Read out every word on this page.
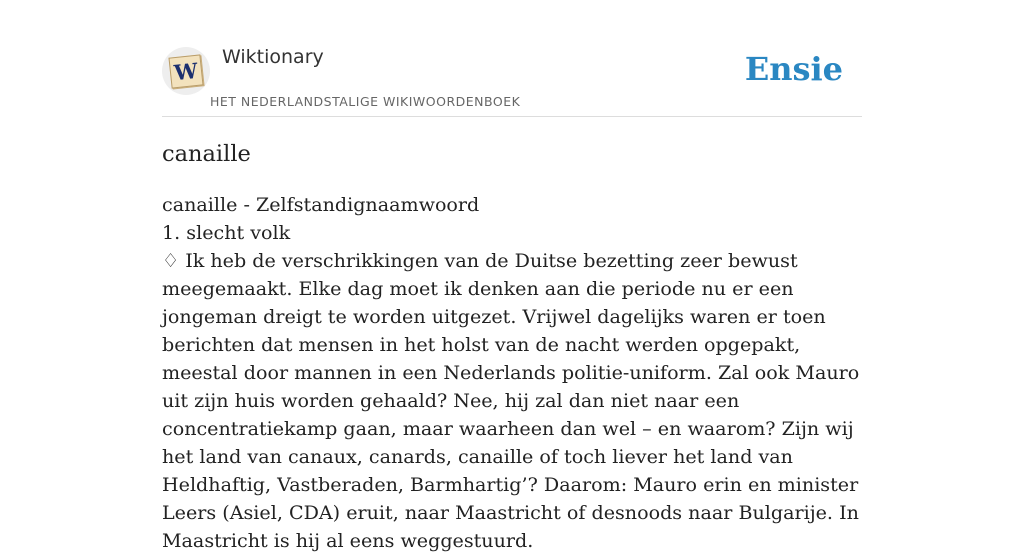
W
Wiktionary
HET NEDERLANDSTALIGE WIKIWOORDENBOEK
Ensie
canaille

canaille - Zelfstandignaamwoord

1. slecht volk

♢ Ik heb de verschrikkingen van de Duitse bezetting zeer bewust meegemaakt. Elke dag moet ik denken aan die periode nu er een jongeman dreigt te worden uitgezet. Vrijwel dagelijks waren er toen berichten dat mensen in het holst van de nacht werden opgepakt, meestal door mannen in een Nederlands politie-uniform. Zal ook Mauro uit zijn huis worden gehaald? Nee, hij zal dan niet naar een concentratiekamp gaan, maar waarheen dan wel – en waarom? Zijn wij het land van canaux, canards, canaille of toch liever het land van Heldhaftig, Vastberaden, Barmhartig’? Daarom: Mauro erin en minister Leers (Asiel, CDA) eruit, naar Maastricht of desnoods naar Bulgarije. In Maastricht is hij al eens weggestuurd.
